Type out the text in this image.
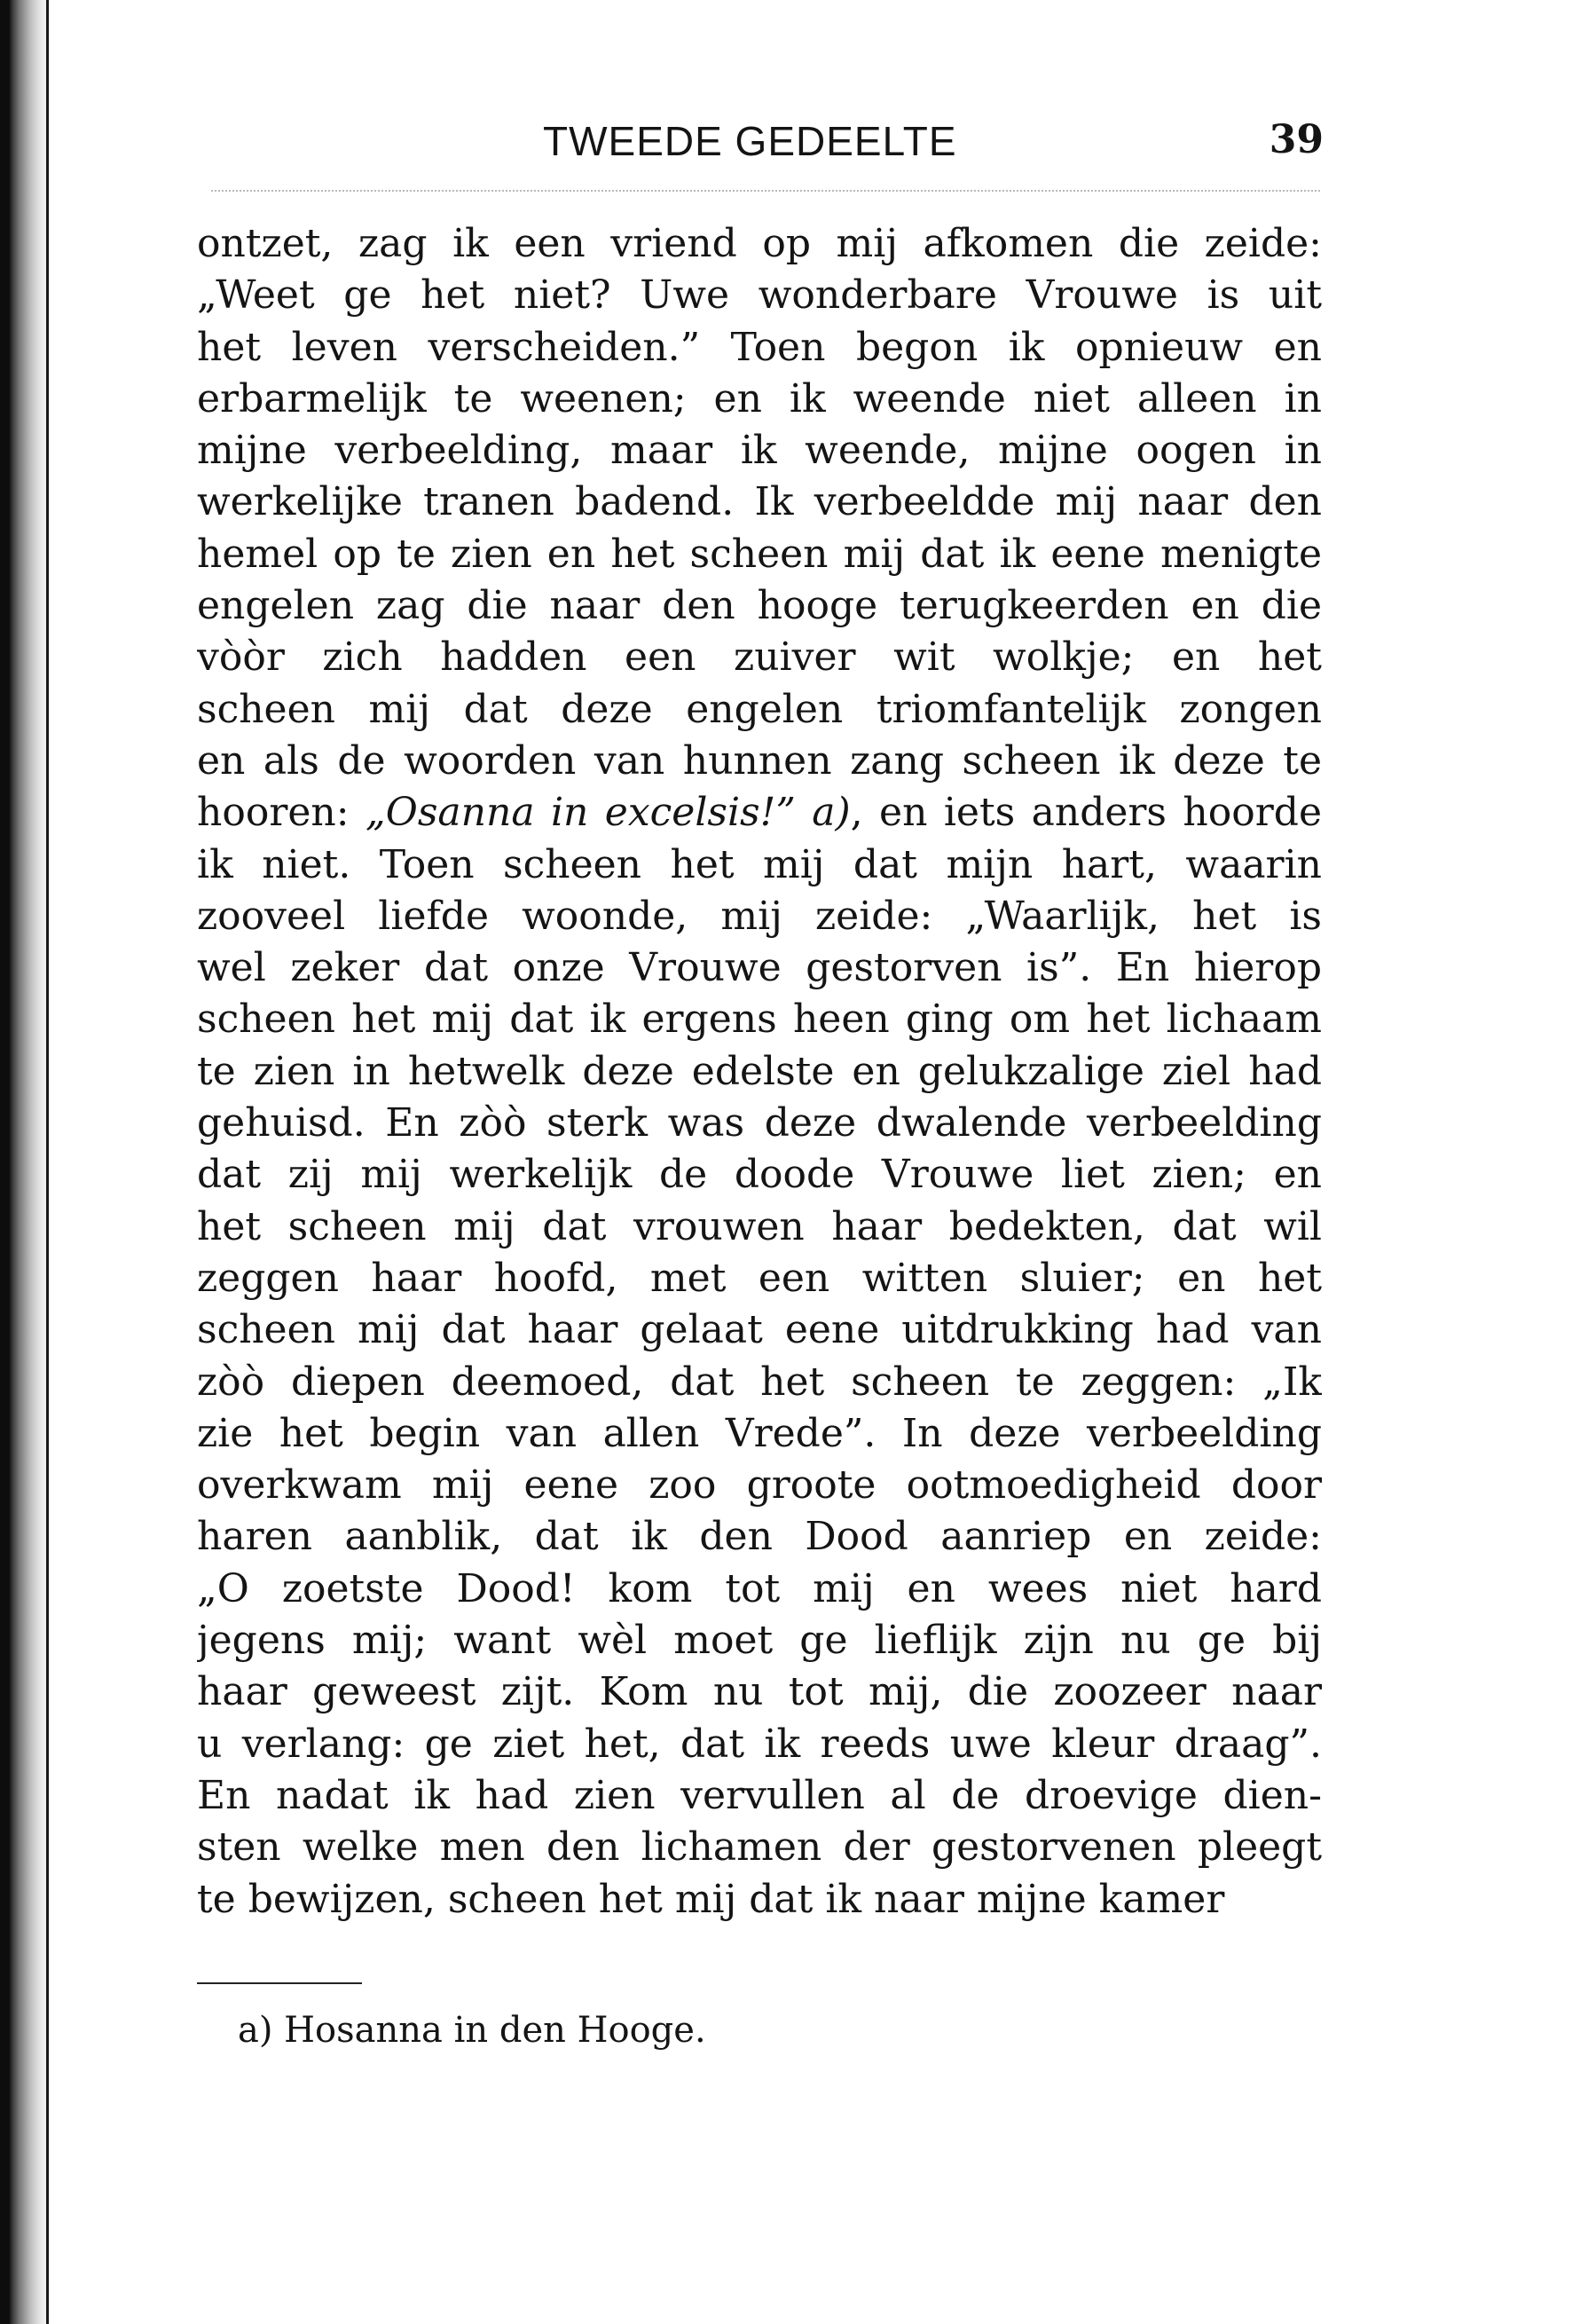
TWEEDE GEDEELTE	39
ontzet, zag ik een vriend op mij afkomen die zeide:
„Weet ge het niet? Uwe wonderbare Vrouwe is uit
het leven verscheiden.” Toen begon ik opnieuw en
erbarmelijk te weenen; en ik weende niet alleen in
mijne verbeelding, maar ik weende, mijne oogen in
werkelijke tranen badend. Ik verbeeldde mij naar den
hemel op te zien en het scheen mij dat ik eene menigte
engelen zag die naar den hooge terugkeerden en die
vòòr zich hadden een zuiver wit wolkje; en het
scheen mij dat deze engelen triomfantelijk zongen
en als de woorden van hunnen zang scheen ik deze te
hooren: „Osanna in excelsis!” a), en iets anders hoorde
ik niet. Toen scheen het mij dat mijn hart, waarin
zooveel liefde woonde, mij zeide: „Waarlijk, het is
wel zeker dat onze Vrouwe gestorven is”. En hierop
scheen het mij dat ik ergens heen ging om het lichaam
te zien in hetwelk deze edelste en gelukzalige ziel had
gehuisd. En zòò sterk was deze dwalende verbeelding
dat zij mij werkelijk de doode Vrouwe liet zien; en
het scheen mij dat vrouwen haar bedekten, dat wil
zeggen haar hoofd, met een witten sluier; en het
scheen mij dat haar gelaat eene uitdrukking had van
zòò diepen deemoed, dat het scheen te zeggen: „Ik
zie het begin van allen Vrede”. In deze verbeelding
overkwam mij eene zoo groote ootmoedigheid door
haren aanblik, dat ik den Dood aanriep en zeide:
„O zoetste Dood! kom tot mij en wees niet hard
jegens mij; want wèl moet ge lieflijk zijn nu ge bij
haar geweest zijt. Kom nu tot mij, die zoozeer naar
u verlang: ge ziet het, dat ik reeds uwe kleur draag”.
En nadat ik had zien vervullen al de droevige dien-
sten welke men den lichamen der gestorvenen pleegt
te bewijzen, scheen het mij dat ik naar mijne kamer
a) Hosanna in den Hooge.
